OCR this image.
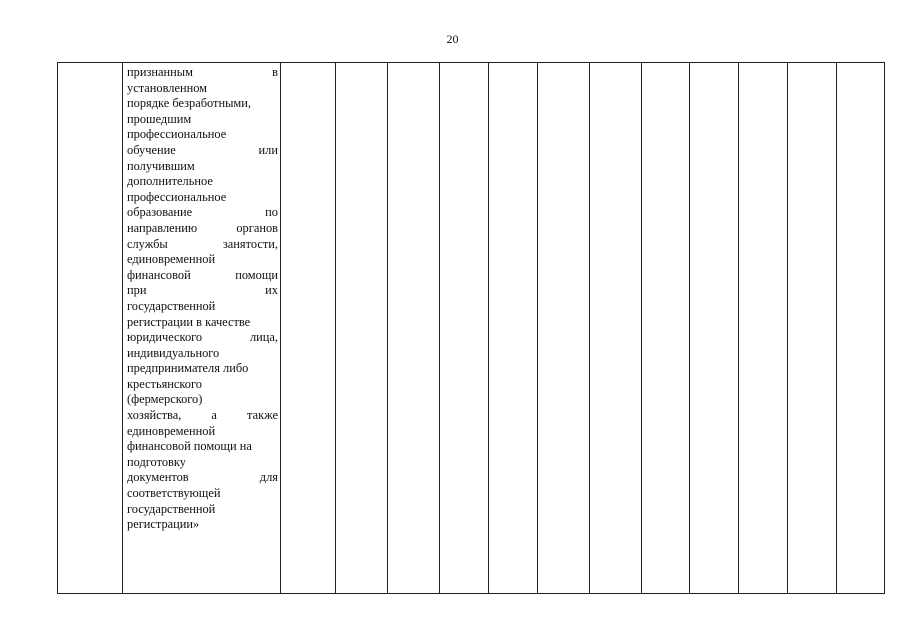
20

признанным в
установленном
порядке безработными,
прошедшим
профессиональное
обучение или
получившим
дополнительное
профессиональное
образование по
направлению органов
службы занятости,
единовременной
финансовой помощи
при их
государственной
регистрации в качестве
юридического лица,
индивидуального
предпринимателя либо
крестьянского
(фермерского)
хозяйства, а также
единовременной
финансовой помощи на
подготовку
документов для
соответствующей
государственной
регистрации»
